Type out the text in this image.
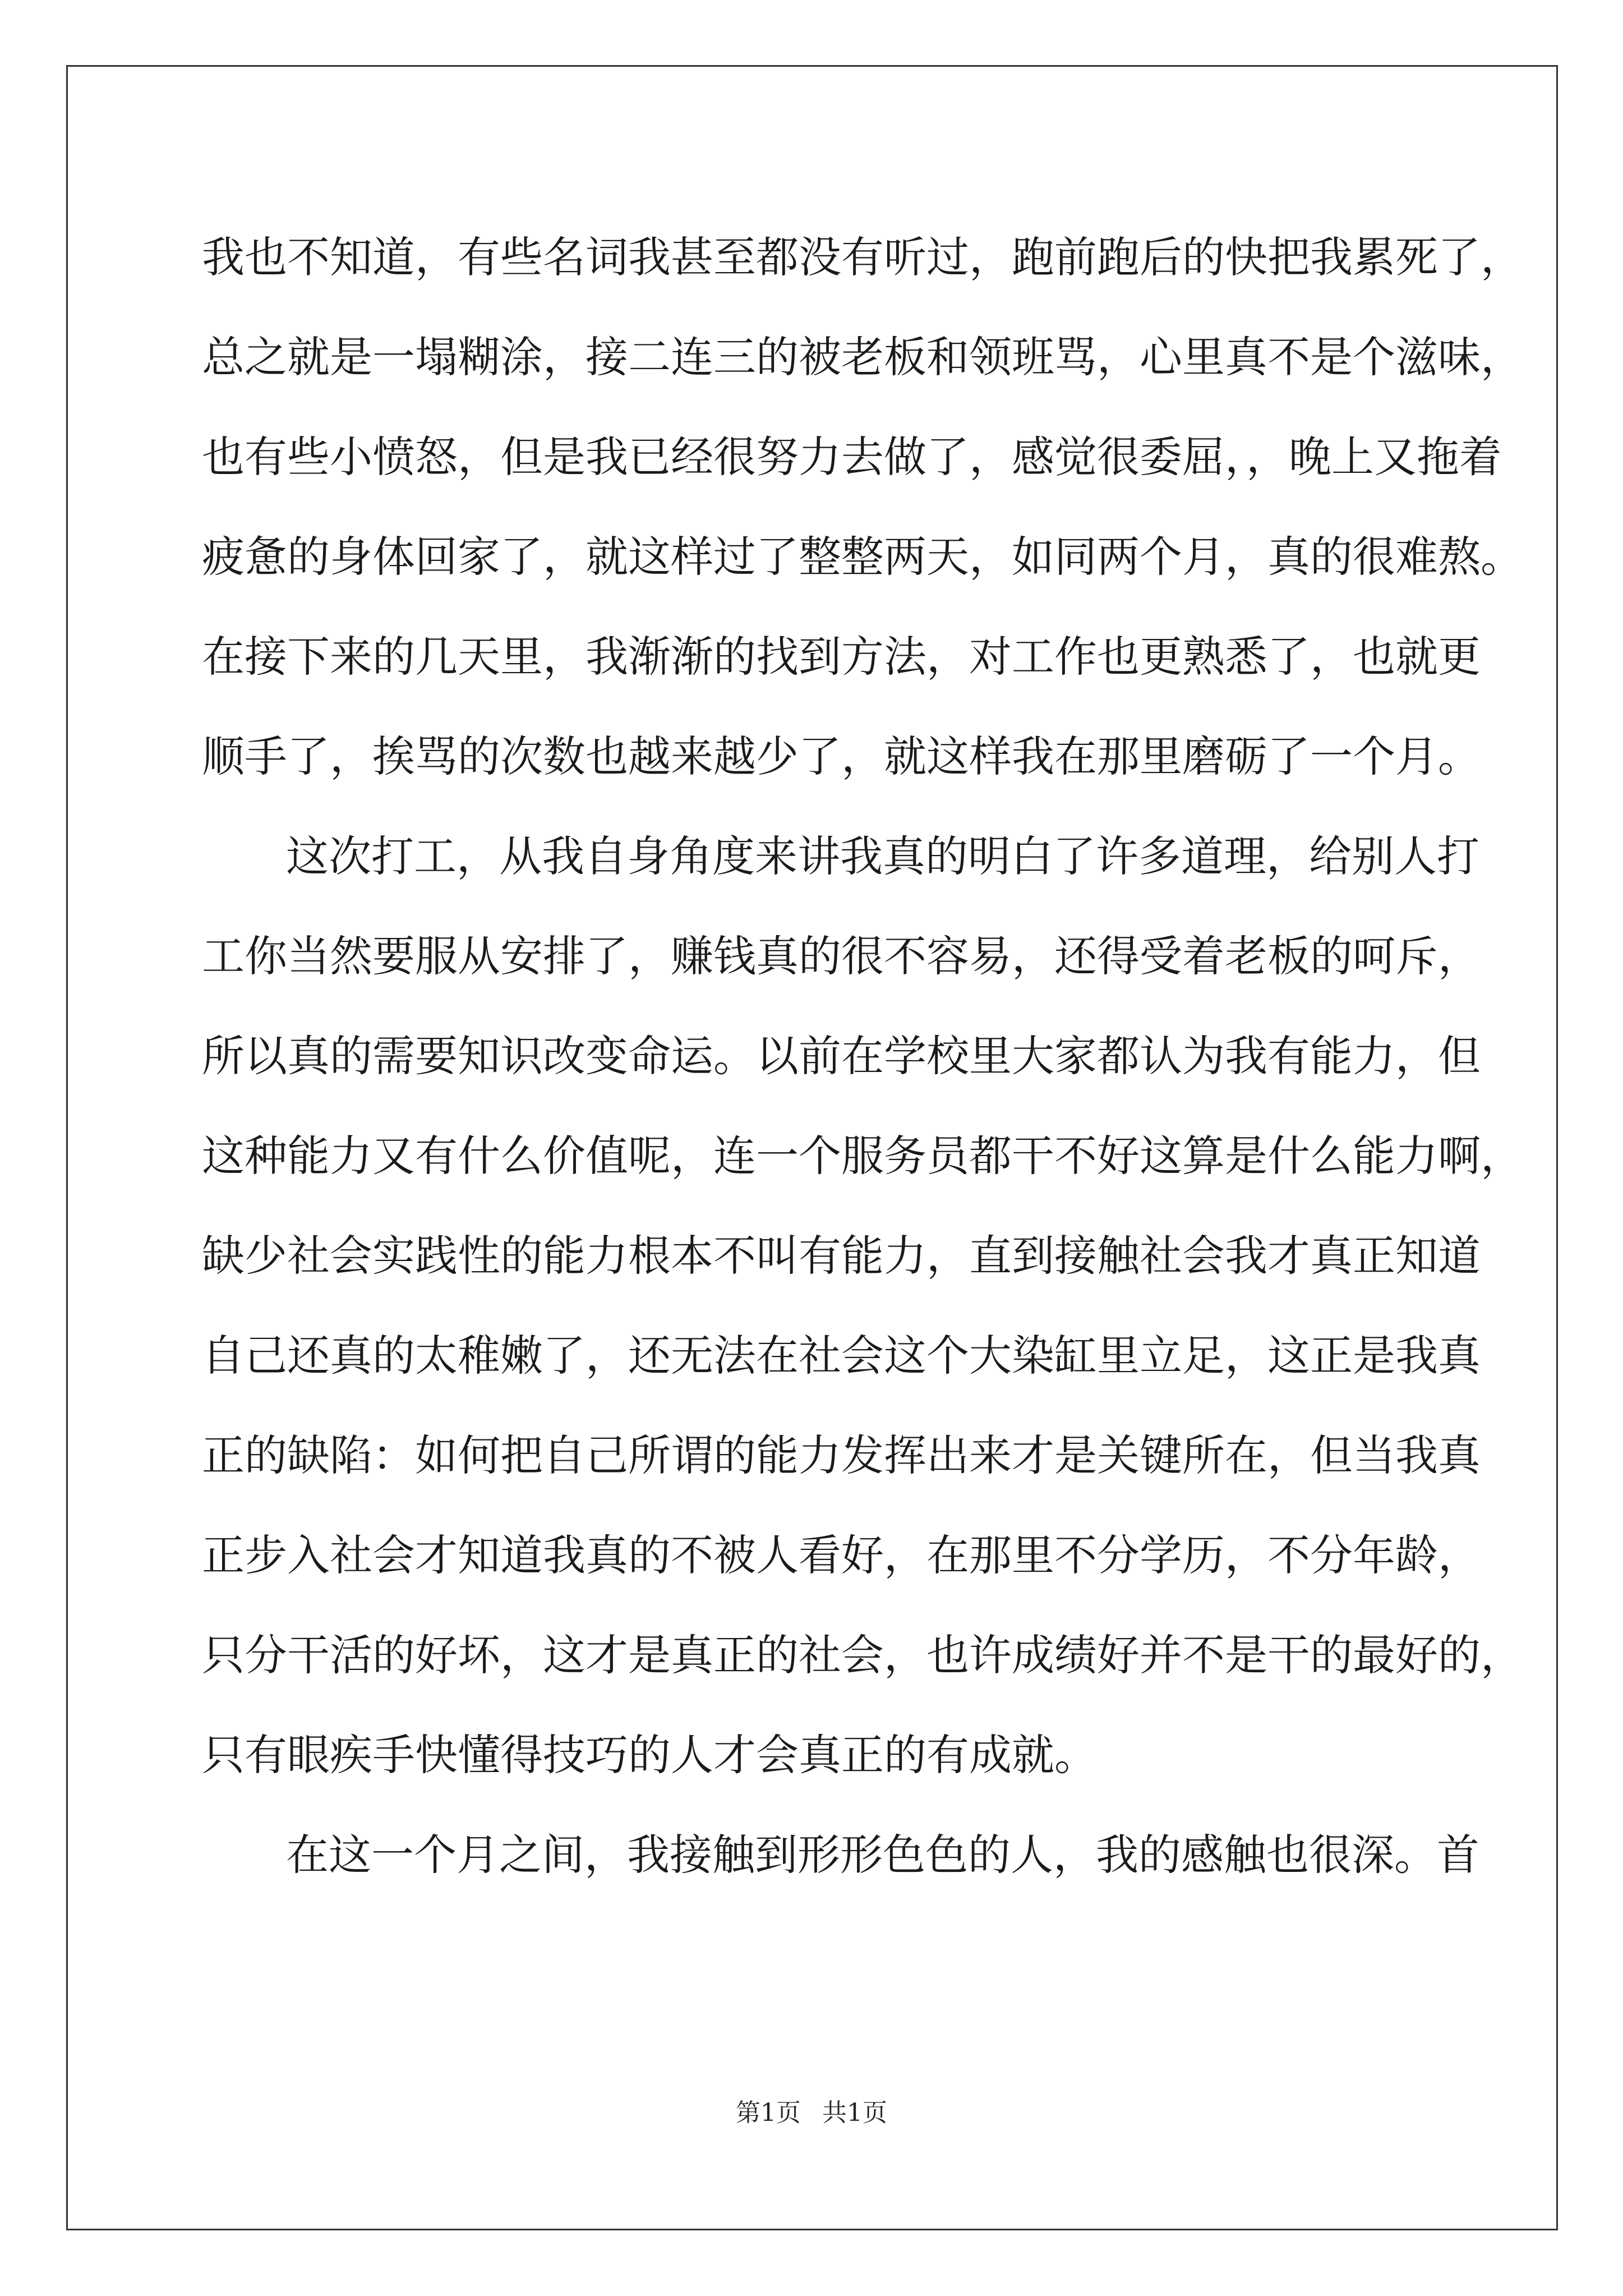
我也不知道，有些名词我甚至都没有听过，跑前跑后的快把我累死了，
总之就是一塌糊涂，接二连三的被老板和领班骂，心里真不是个滋味，
也有些小愤怒，但是我已经很努力去做了，感觉很委屈，，晚上又拖着
疲惫的身体回家了，就这样过了整整两天，如同两个月，真的很难熬。
在接下来的几天里，我渐渐的找到方法，对工作也更熟悉了，也就更
顺手了，挨骂的次数也越来越少了，就这样我在那里磨砺了一个月。
这次打工，从我自身角度来讲我真的明白了许多道理，给别人打
工你当然要服从安排了，赚钱真的很不容易，还得受着老板的呵斥，
所以真的需要知识改变命运。以前在学校里大家都认为我有能力，但
这种能力又有什么价值呢，连一个服务员都干不好这算是什么能力啊，
缺少社会实践性的能力根本不叫有能力，直到接触社会我才真正知道
自己还真的太稚嫩了，还无法在社会这个大染缸里立足，这正是我真
正的缺陷：如何把自己所谓的能力发挥出来才是关键所在，但当我真
正步入社会才知道我真的不被人看好，在那里不分学历，不分年龄，
只分干活的好坏，这才是真正的社会，也许成绩好并不是干的最好的，
只有眼疾手快懂得技巧的人才会真正的有成就。
在这一个月之间，我接触到形形色色的人，我的感触也很深。首
第1页 共1页
